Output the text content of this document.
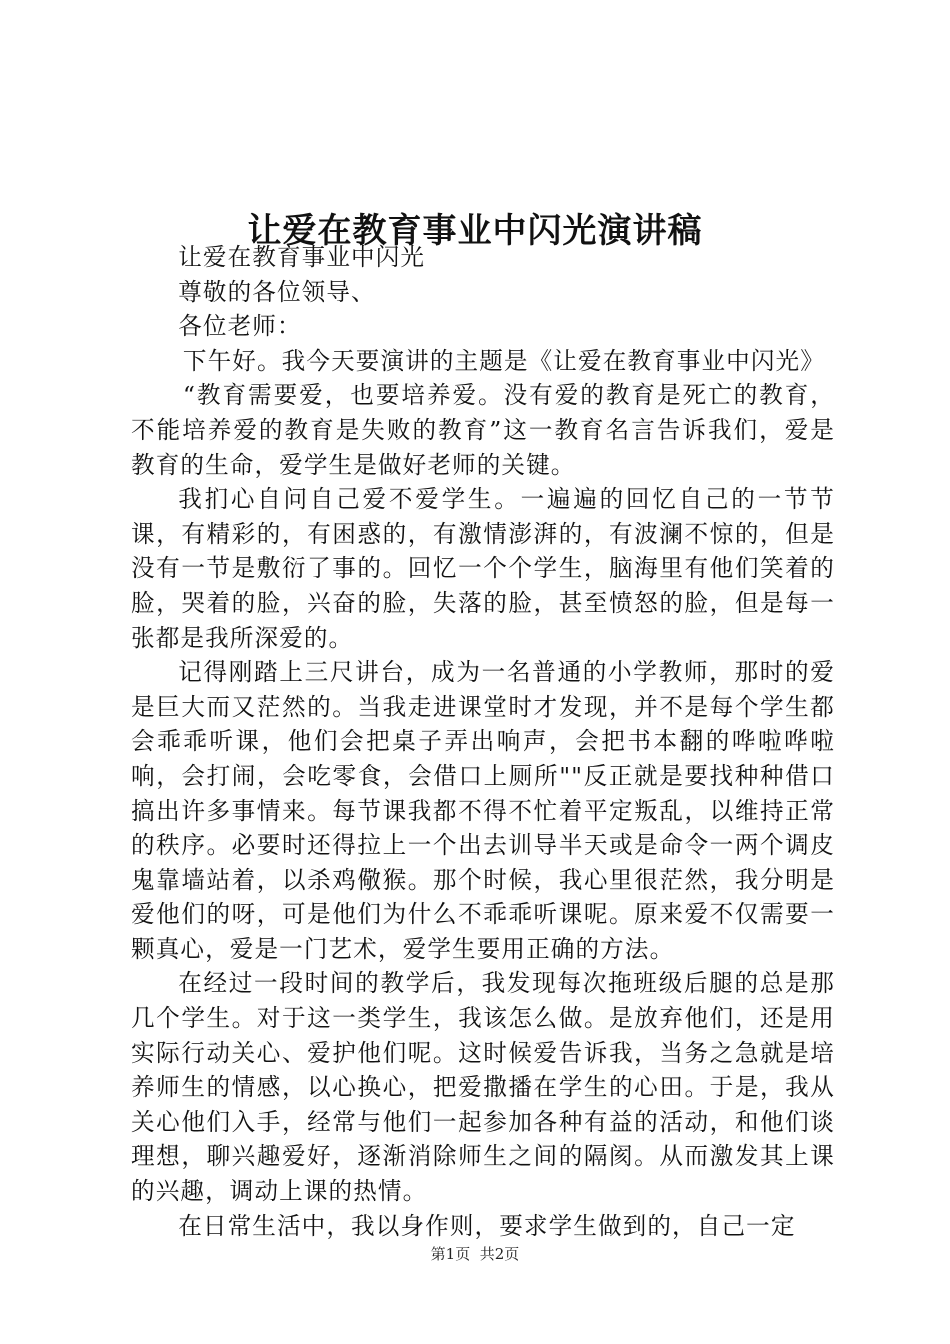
让爱在教育事业中闪光演讲稿

让爱在教育事业中闪光

尊敬的各位领导、

各位老师：

下午好。我今天要演讲的主题是《让爱在教育事业中闪光》

“教育需要爱，也要培养爱。没有爱的教育是死亡的教育，不能培养爱的教育是失败的教育”这一教育名言告诉我们，爱是教育的生命，爱学生是做好老师的关键。

我扪心自问自己爱不爱学生。一遍遍的回忆自己的一节节课，有精彩的，有困惑的，有激情澎湃的，有波澜不惊的，但是没有一节是敷衍了事的。回忆一个个学生，脑海里有他们笑着的脸，哭着的脸，兴奋的脸，失落的脸，甚至愤怒的脸，但是每一张都是我所深爱的。

记得刚踏上三尺讲台，成为一名普通的小学教师，那时的爱是巨大而又茫然的。当我走进课堂时才发现，并不是每个学生都会乖乖听课，他们会把桌子弄出响声，会把书本翻的哗啦哗啦响，会打闹，会吃零食，会借口上厕所""反正就是要找种种借口搞出许多事情来。每节课我都不得不忙着平定叛乱，以维持正常的秩序。必要时还得拉上一个出去训导半天或是命令一两个调皮鬼靠墙站着，以杀鸡儆猴。那个时候，我心里很茫然，我分明是爱他们的呀，可是他们为什么不乖乖听课呢。原来爱不仅需要一颗真心，爱是一门艺术，爱学生要用正确的方法。

在经过一段时间的教学后，我发现每次拖班级后腿的总是那几个学生。对于这一类学生，我该怎么做。是放弃他们，还是用实际行动关心、爱护他们呢。这时候爱告诉我，当务之急就是培养师生的情感，以心换心，把爱撒播在学生的心田。于是，我从关心他们入手，经常与他们一起参加各种有益的活动，和他们谈理想，聊兴趣爱好，逐渐消除师生之间的隔阂。从而激发其上课的兴趣，调动上课的热情。

在日常生活中，我以身作则，要求学生做到的，自己一定

第1页 共2页
